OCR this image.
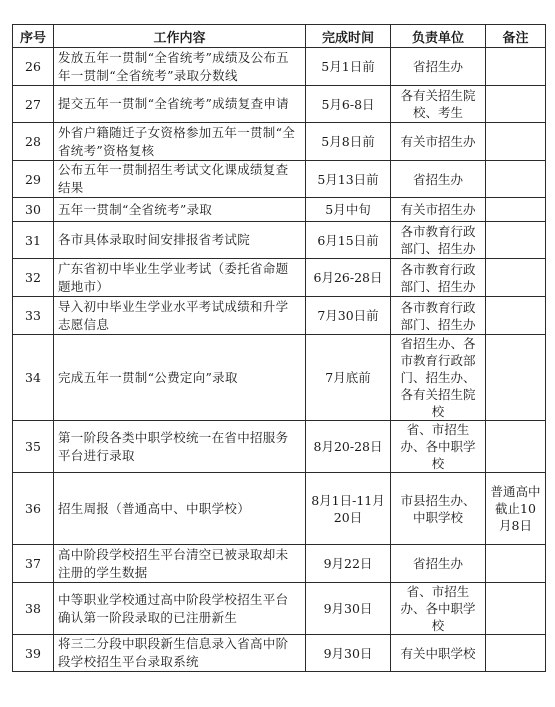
序号	工作内容	完成时间	负责单位	备注
26	发放五年一贯制“全省统考”成绩及公布五年一贯制“全省统考”录取分数线	5月1日前	省招生办	
27	提交五年一贯制“全省统考”成绩复查申请	5月6-8日	各有关招生院校、考生	
28	外省户籍随迁子女资格参加五年一贯制“全省统考”资格复核	5月8日前	有关市招生办	
29	公布五年一贯制招生考试文化课成绩复查结果	5月13日前	省招生办	
30	五年一贯制“全省统考”录取	5月中旬	有关市招生办	
31	各市具体录取时间安排报省考试院	6月15日前	各市教育行政部门、招生办	
32	广东省初中毕业生学业考试（委托省命题题地市）	6月26-28日	各市教育行政部门、招生办	
33	导入初中毕业生学业水平考试成绩和升学志愿信息	7月30日前	各市教育行政部门、招生办	
34	完成五年一贯制“公费定向”录取	7月底前	省招生办、各市教育行政部门、招生办、各有关招生院校	
35	第一阶段各类中职学校统一在省中招服务平台进行录取	8月20-28日	省、市招生办、各中职学校	
36	招生周报（普通高中、中职学校）	8月1日-11月20日	市县招生办、中职学校	普通高中截止10月8日
37	高中阶段学校招生平台清空已被录取却未注册的学生数据	9月22日	省招生办	
38	中等职业学校通过高中阶段学校招生平台确认第一阶段录取的已注册新生	9月30日	省、市招生办、各中职学校	
39	将三二分段中职段新生信息录入省高中阶段学校招生平台录取系统	9月30日	有关中职学校	
